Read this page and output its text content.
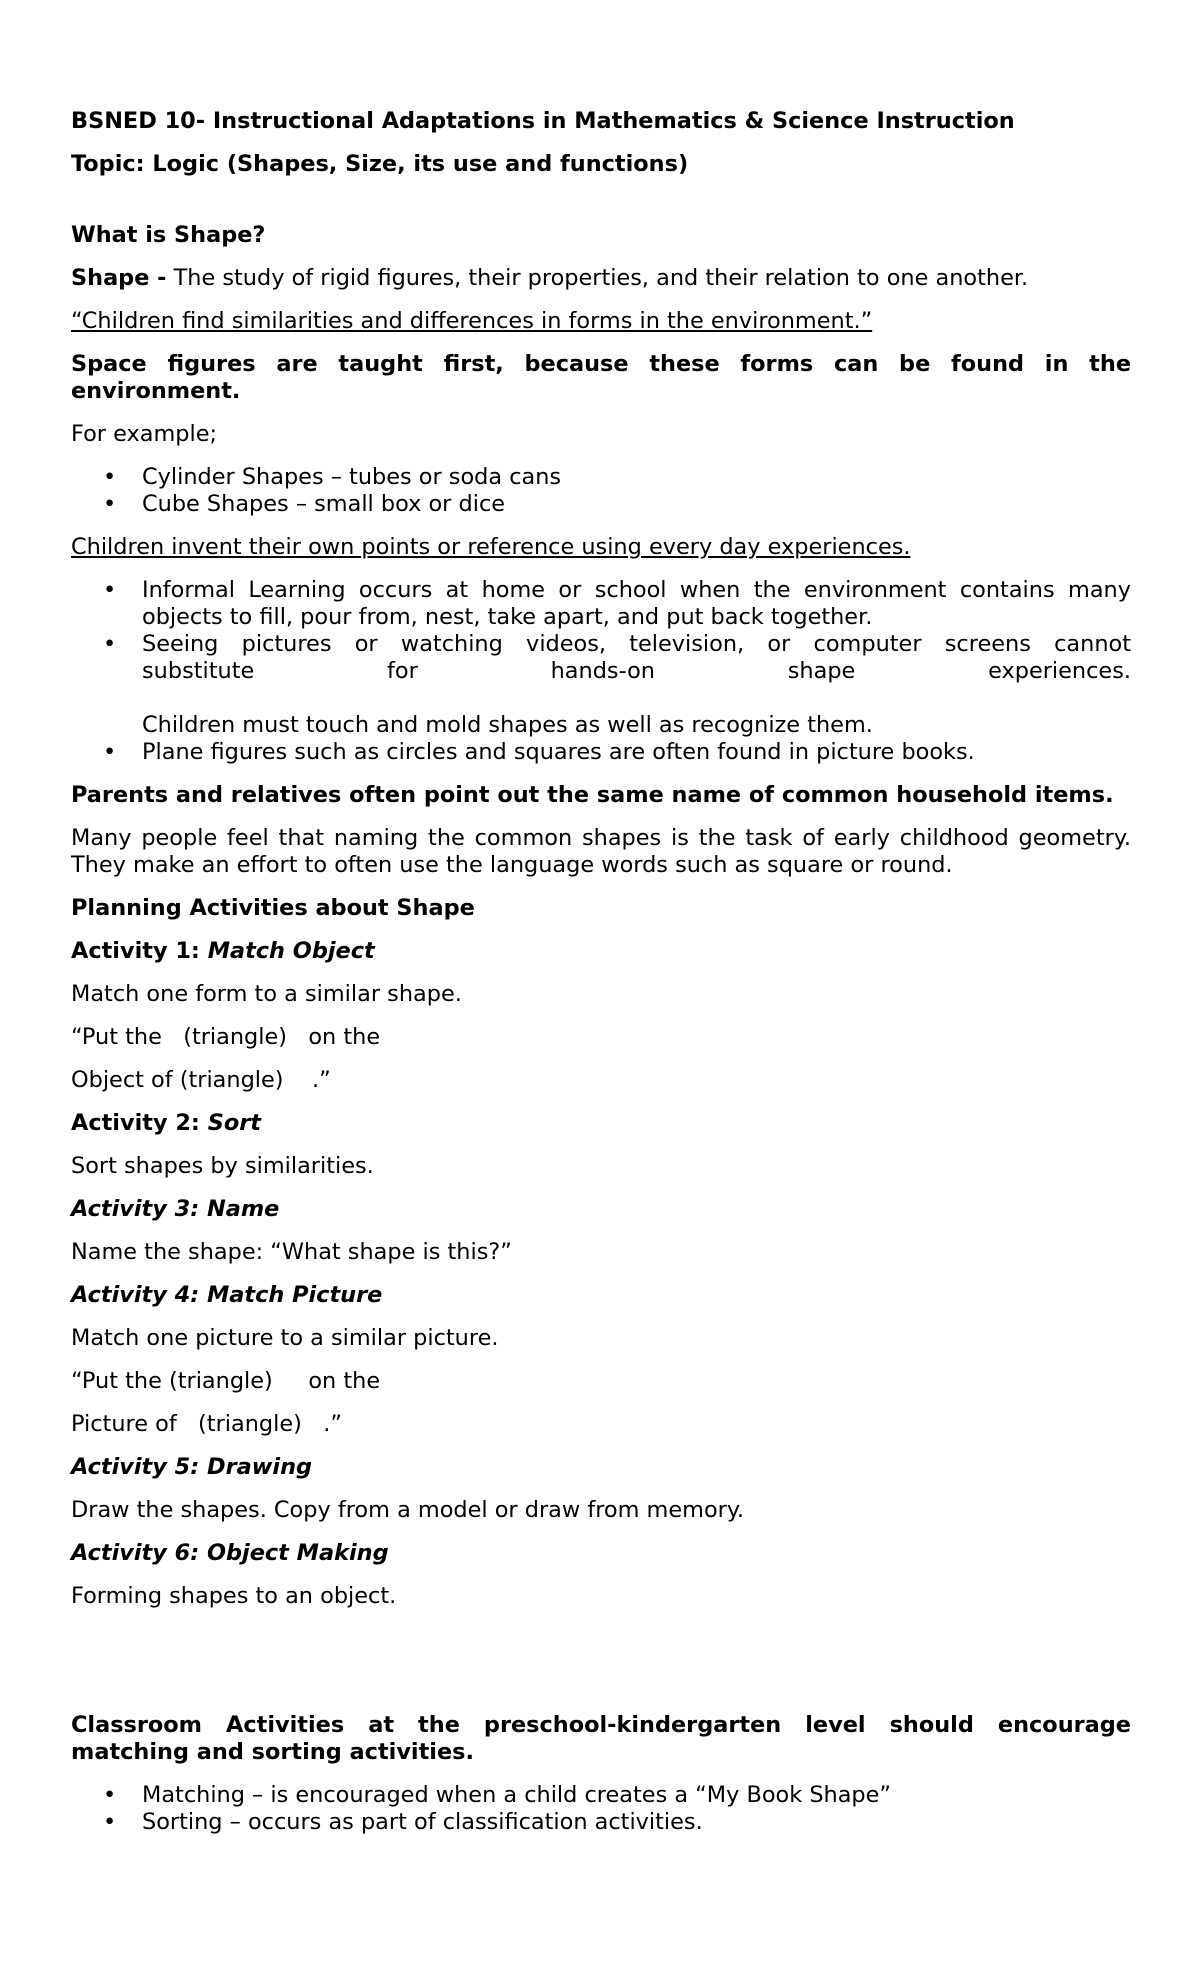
BSNED 10- Instructional Adaptations in Mathematics & Science Instruction

Topic: Logic (Shapes, Size, its use and functions)

What is Shape?

Shape - The study of rigid figures, their properties, and their relation to one another.

“Children find similarities and differences in forms in the environment.”

Space figures are taught first, because these forms can be found in the environment.

For example;

• Cylinder Shapes – tubes or soda cans
• Cube Shapes – small box or dice

Children invent their own points or reference using every day experiences.

• Informal Learning occurs at home or school when the environment contains many objects to fill, pour from, nest, take apart, and put back together.
• Seeing pictures or watching videos, television, or computer screens cannot
substitute for hands-on shape experiences.
Children must touch and mold shapes as well as recognize them.
• Plane figures such as circles and squares are often found in picture books.

Parents and relatives often point out the same name of common household items.

Many people feel that naming the common shapes is the task of early childhood geometry. They make an effort to often use the language words such as square or round.

Planning Activities about Shape

Activity 1: Match Object

Match one form to a similar shape.

“Put the   (triangle)   on the

Object of (triangle)    .”

Activity 2: Sort

Sort shapes by similarities.

Activity 3: Name

Name the shape: “What shape is this?”

Activity 4: Match Picture

Match one picture to a similar picture.

“Put the (triangle)     on the

Picture of   (triangle)   .”

Activity 5: Drawing

Draw the shapes. Copy from a model or draw from memory.

Activity 6: Object Making

Forming shapes to an object.

Classroom Activities at the preschool-kindergarten level should encourage matching and sorting activities.

• Matching – is encouraged when a child creates a “My Book Shape”
• Sorting – occurs as part of classification activities.
